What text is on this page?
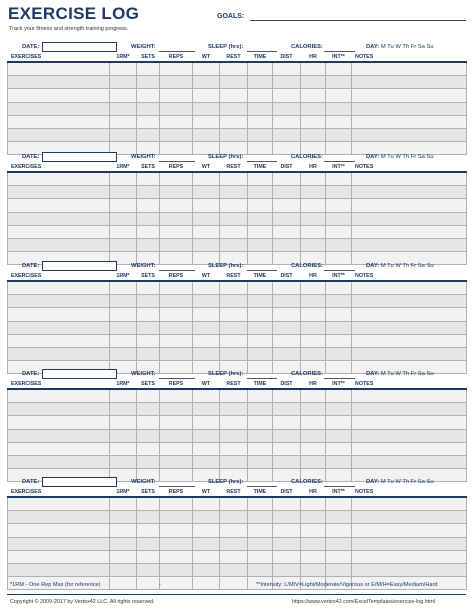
EXERCISE LOG
Track your fitness and strength training progress.
GOALS:
DATE:	WEIGHT:	SLEEP (hrs):	CALORIES:	DAY: M Tu W Th Fr Sa Su
EXERCISES	1RM*	SETS	REPS	WT	REST	TIME	DIST	HR	INT**	NOTES

DATE:	WEIGHT:	SLEEP (hrs):	CALORIES:	DAY: M Tu W Th Fr Sa Su
EXERCISES	1RM*	SETS	REPS	WT	REST	TIME	DIST	HR	INT**	NOTES

DATE:	WEIGHT:	SLEEP (hrs):	CALORIES:	DAY: M Tu W Th Fr Sa Su
EXERCISES	1RM*	SETS	REPS	WT	REST	TIME	DIST	HR	INT**	NOTES

DATE:	WEIGHT:	SLEEP (hrs):	CALORIES:	DAY: M Tu W Th Fr Sa Su
EXERCISES	1RM*	SETS	REPS	WT	REST	TIME	DIST	HR	INT**	NOTES

DATE:	WEIGHT:	SLEEP (hrs):	CALORIES:	DAY: M Tu W Th Fr Sa Su
EXERCISES	1RM*	SETS	REPS	WT	REST	TIME	DIST	HR	INT**	NOTES

*1RM - One Rep Max (for reference)	-	**Intensity: L/M/V=Light/Moderate/Vigorous or E/M/H=Easy/Medium/Hard
Copyright © 2009-2017 by Vertex42 LLC. All rights reserved.	https://www.vertex42.com/ExcelTemplates/exercise-log.html
